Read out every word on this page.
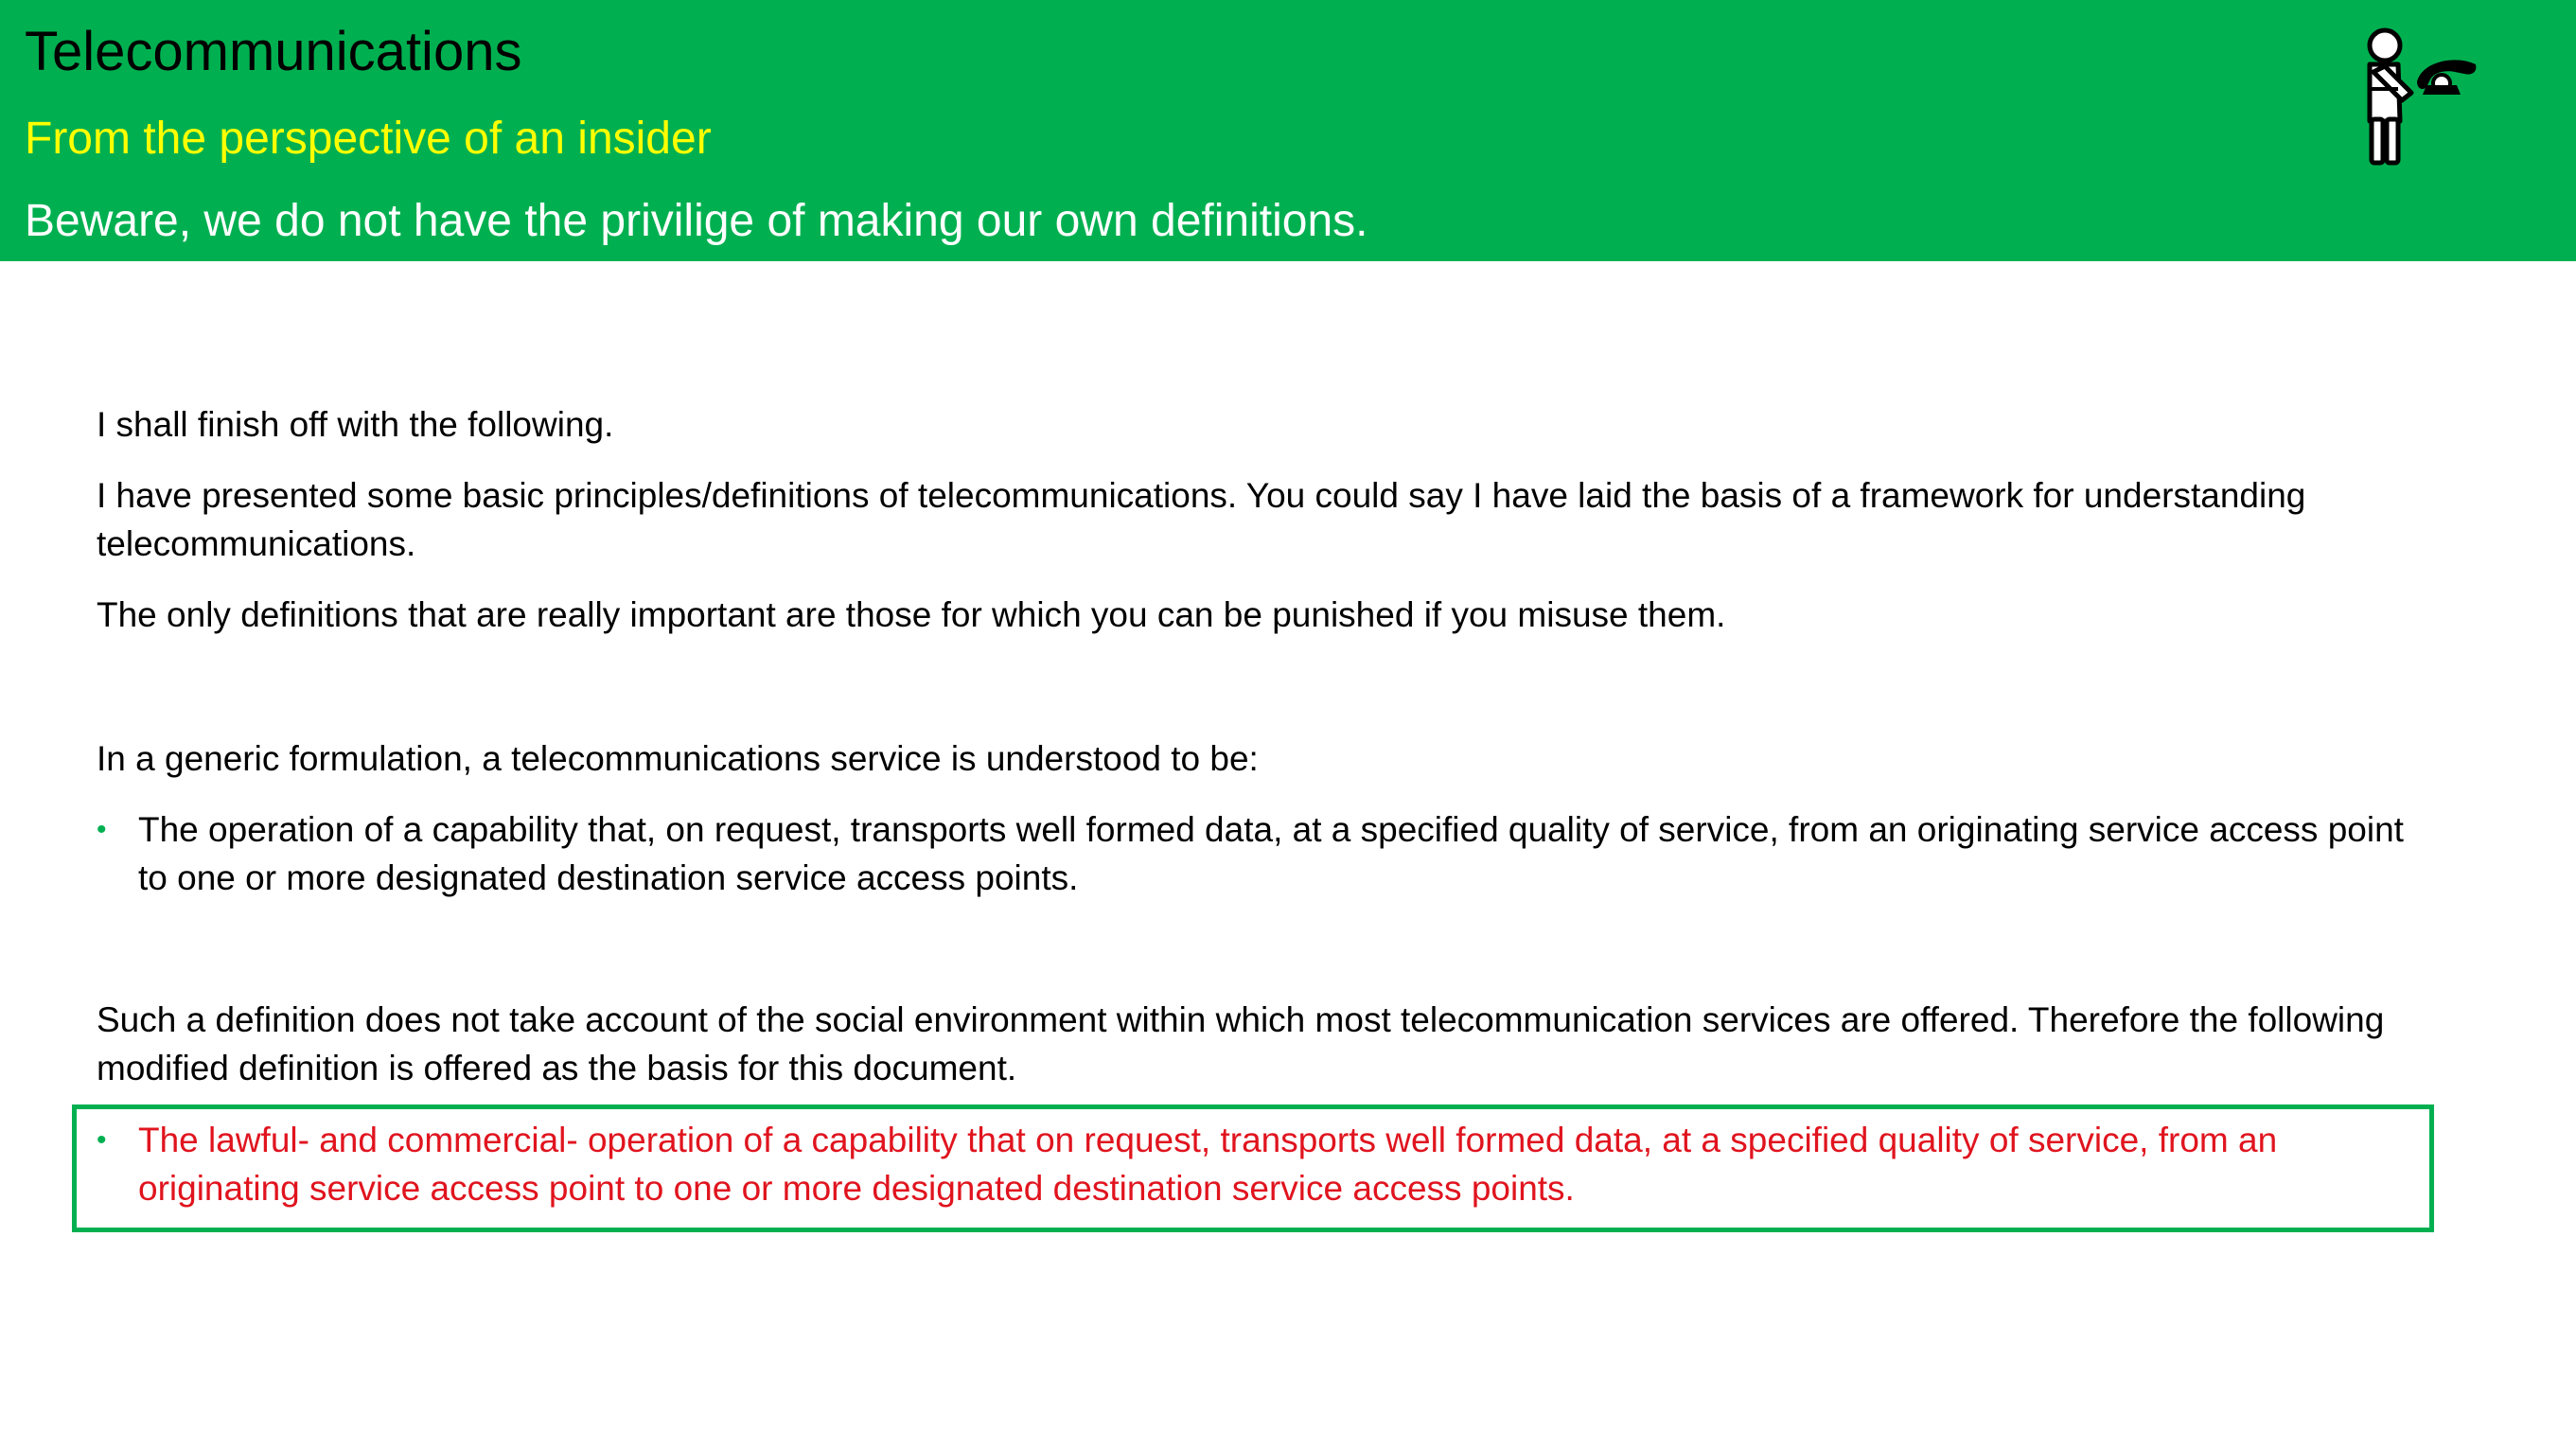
Telecommunications
From the perspective of an insider
Beware, we do not have the privilige of making our own definitions.
I shall finish off with the following.
I have presented some basic principles/definitions of telecommunications. You could say I have laid the basis of a framework for understanding telecommunications.
The only definitions that are really important are those for which you can be punished if you misuse them.
In a generic formulation, a telecommunications service is understood to be:
• The operation of a capability that, on request, transports well formed data, at a specified quality of service, from an originating service access point to one or more designated destination service access points.
Such a definition does not take account of the social environment within which most telecommunication services are offered. Therefore the following modified definition is offered as the basis for this document.
• The lawful- and commercial- operation of a capability that on request, transports well formed data, at a specified quality of service, from an originating service access point to one or more designated destination service access points.
